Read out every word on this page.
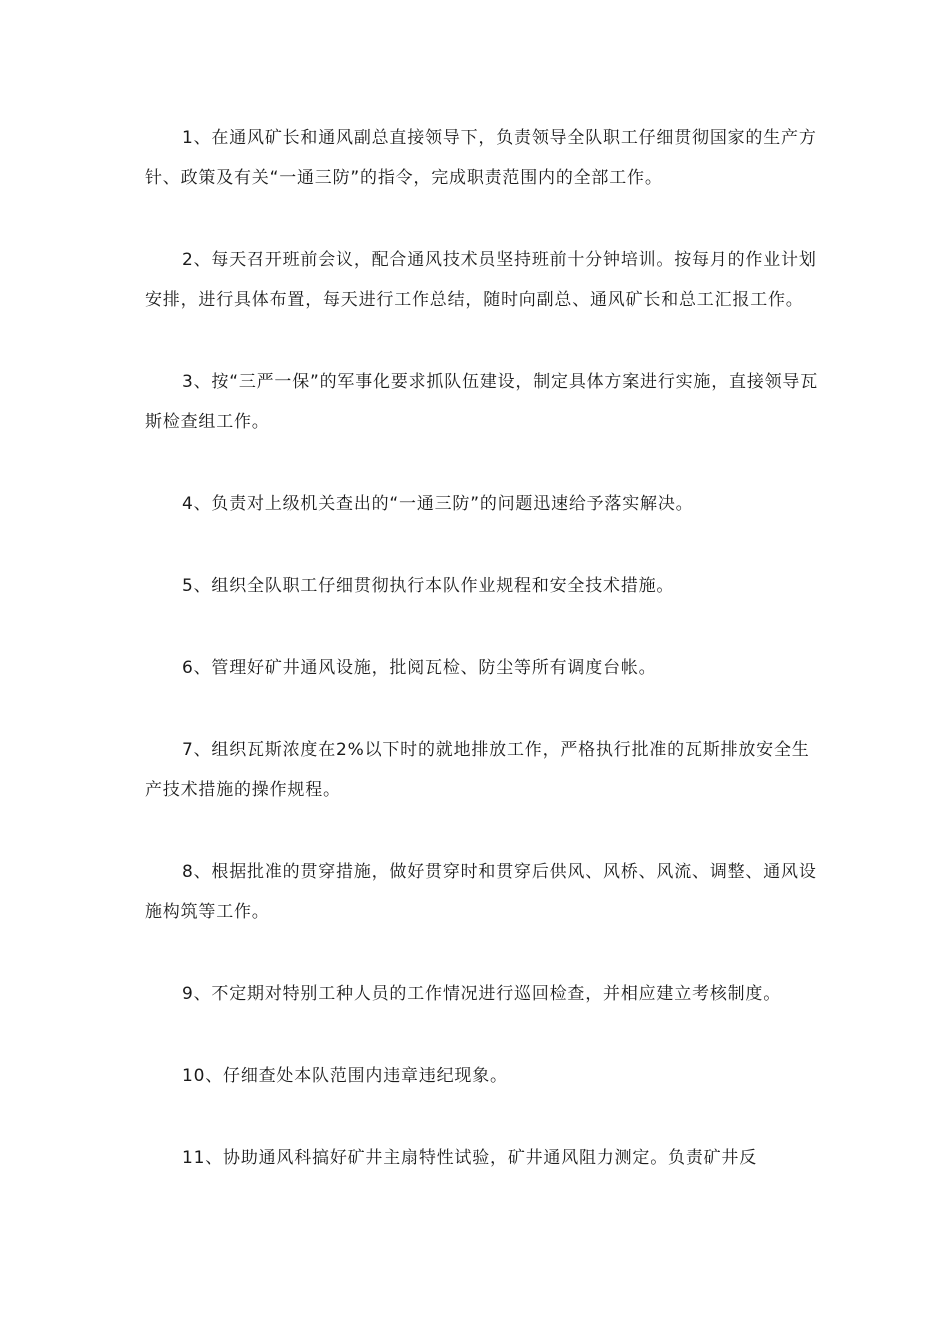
1、在通风矿长和通风副总直接领导下，负责领导全队职工仔细贯彻国家的生产方针、政策及有关“一通三防”的指令，完成职责范围内的全部工作。

2、每天召开班前会议，配合通风技术员坚持班前十分钟培训。按每月的作业计划安排，进行具体布置，每天进行工作总结，随时向副总、通风矿长和总工汇报工作。

3、按“三严一保”的军事化要求抓队伍建设，制定具体方案进行实施，直接领导瓦斯检查组工作。

4、负责对上级机关查出的“一通三防”的问题迅速给予落实解决。

5、组织全队职工仔细贯彻执行本队作业规程和安全技术措施。

6、管理好矿井通风设施，批阅瓦检、防尘等所有调度台帐。

7、组织瓦斯浓度在2%以下时的就地排放工作，严格执行批准的瓦斯排放安全生产技术措施的操作规程。

8、根据批准的贯穿措施，做好贯穿时和贯穿后供风、风桥、风流、调整、通风设施构筑等工作。

9、不定期对特别工种人员的工作情况进行巡回检查，并相应建立考核制度。

10、仔细查处本队范围内违章违纪现象。

11、协助通风科搞好矿井主扇特性试验，矿井通风阻力测定。负责矿井反
